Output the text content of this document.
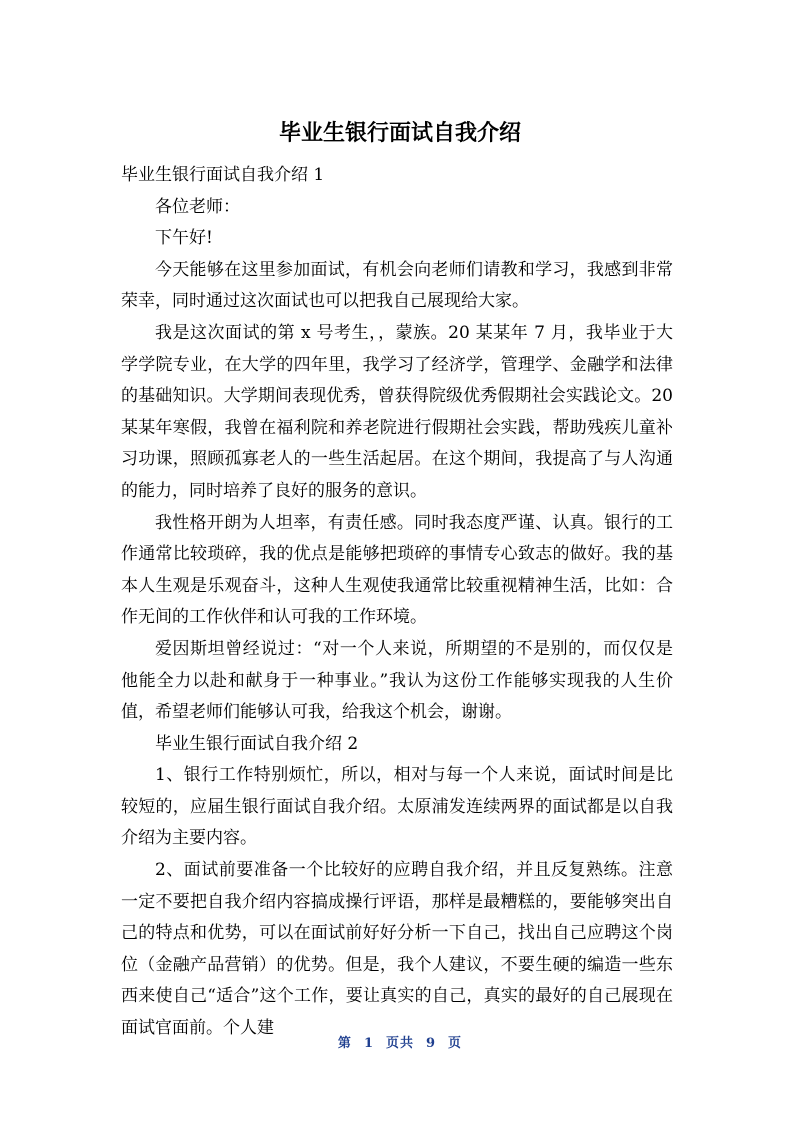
毕业生银行面试自我介绍

毕业生银行面试自我介绍 1

各位老师：

下午好!

今天能够在这里参加面试，有机会向老师们请教和学习，我感到非常荣幸，同时通过这次面试也可以把我自己展现给大家。

我是这次面试的第 x 号考生，，蒙族。20 某某年 7 月，我毕业于大学学院专业，在大学的四年里，我学习了经济学，管理学、金融学和法律的基础知识。大学期间表现优秀，曾获得院级优秀假期社会实践论文。20 某某年寒假，我曾在福利院和养老院进行假期社会实践，帮助残疾儿童补习功课，照顾孤寡老人的一些生活起居。在这个期间，我提高了与人沟通的能力，同时培养了良好的服务的意识。

我性格开朗为人坦率，有责任感。同时我态度严谨、认真。银行的工作通常比较琐碎，我的优点是能够把琐碎的事情专心致志的做好。我的基本人生观是乐观奋斗，这种人生观使我通常比较重视精神生活，比如：合作无间的工作伙伴和认可我的工作环境。

爱因斯坦曾经说过：“对一个人来说，所期望的不是别的，而仅仅是他能全力以赴和献身于一种事业。”我认为这份工作能够实现我的人生价值，希望老师们能够认可我，给我这个机会，谢谢。

毕业生银行面试自我介绍 2

1、银行工作特别烦忙，所以，相对与每一个人来说，面试时间是比较短的，应届生银行面试自我介绍。太原浦发连续两界的面试都是以自我介绍为主要内容。

2、面试前要准备一个比较好的应聘自我介绍，并且反复熟练。注意一定不要把自我介绍内容搞成操行评语，那样是最糟糕的，要能够突出自己的特点和优势，可以在面试前好好分析一下自己，找出自己应聘这个岗位（金融产品营销）的优势。但是，我个人建议，不要生硬的编造一些东西来使自己“适合”这个工作，要让真实的自己，真实的最好的自己展现在面试官面前。个人建

第 1 页共 9 页
